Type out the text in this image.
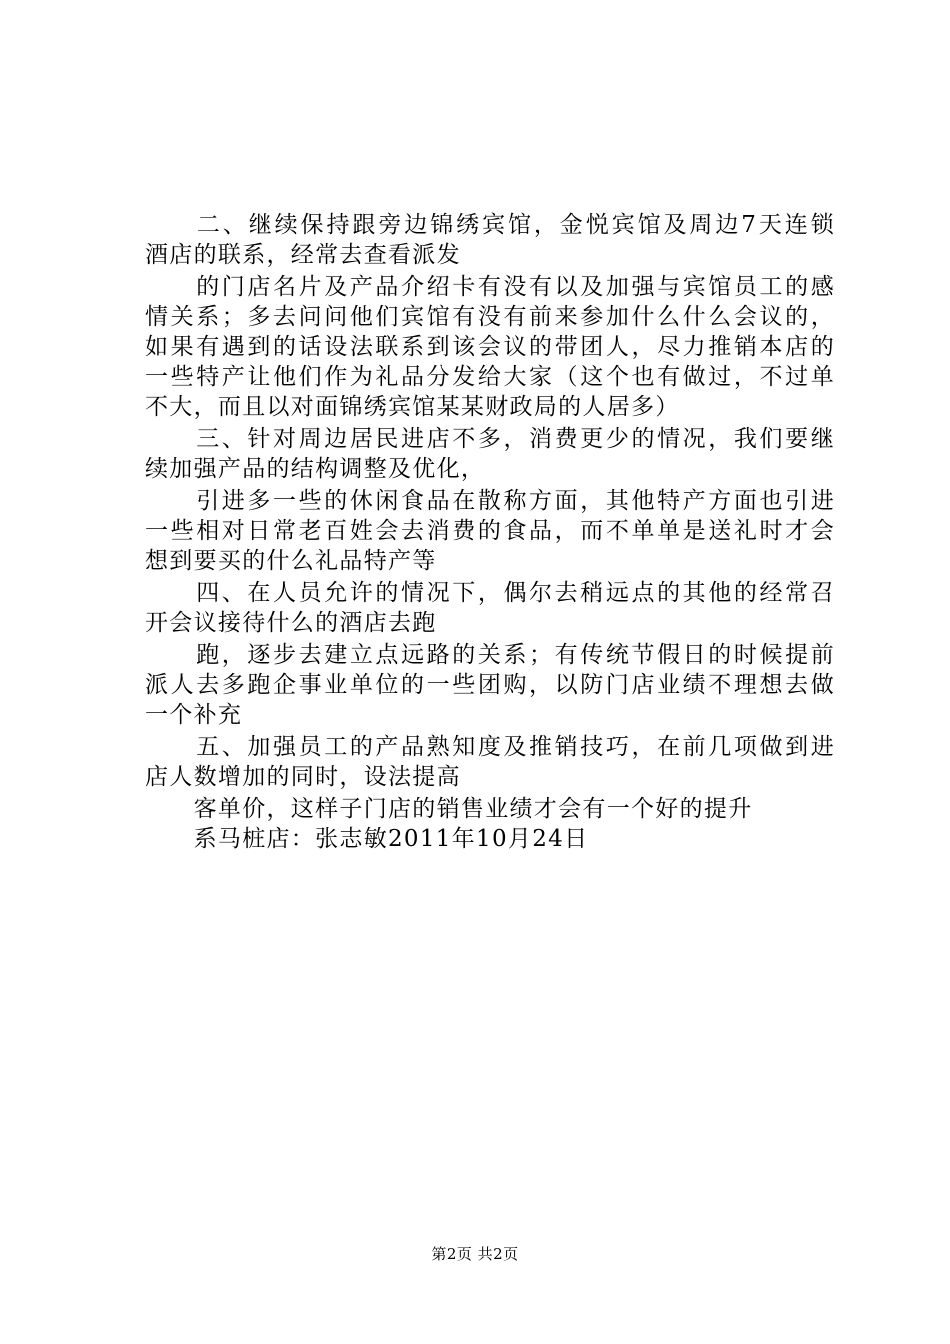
　　二、继续保持跟旁边锦绣宾馆，金悦宾馆及周边7天连锁
酒店的联系，经常去查看派发
　　的门店名片及产品介绍卡有没有以及加强与宾馆员工的感
情关系；多去问问他们宾馆有没有前来参加什么什么会议的，
如果有遇到的话设法联系到该会议的带团人，尽力推销本店的
一些特产让他们作为礼品分发给大家（这个也有做过，不过单
不大，而且以对面锦绣宾馆某某财政局的人居多）
　　三、针对周边居民进店不多，消费更少的情况，我们要继
续加强产品的结构调整及优化，
　　引进多一些的休闲食品在散称方面，其他特产方面也引进
一些相对日常老百姓会去消费的食品，而不单单是送礼时才会
想到要买的什么礼品特产等
　　四、在人员允许的情况下，偶尔去稍远点的其他的经常召
开会议接待什么的酒店去跑
　　跑，逐步去建立点远路的关系；有传统节假日的时候提前
派人去多跑企事业单位的一些团购，以防门店业绩不理想去做
一个补充
　　五、加强员工的产品熟知度及推销技巧，在前几项做到进
店人数增加的同时，设法提高
　　客单价，这样子门店的销售业绩才会有一个好的提升
　　系马桩店：张志敏2011年10月24日
第2页 共2页
